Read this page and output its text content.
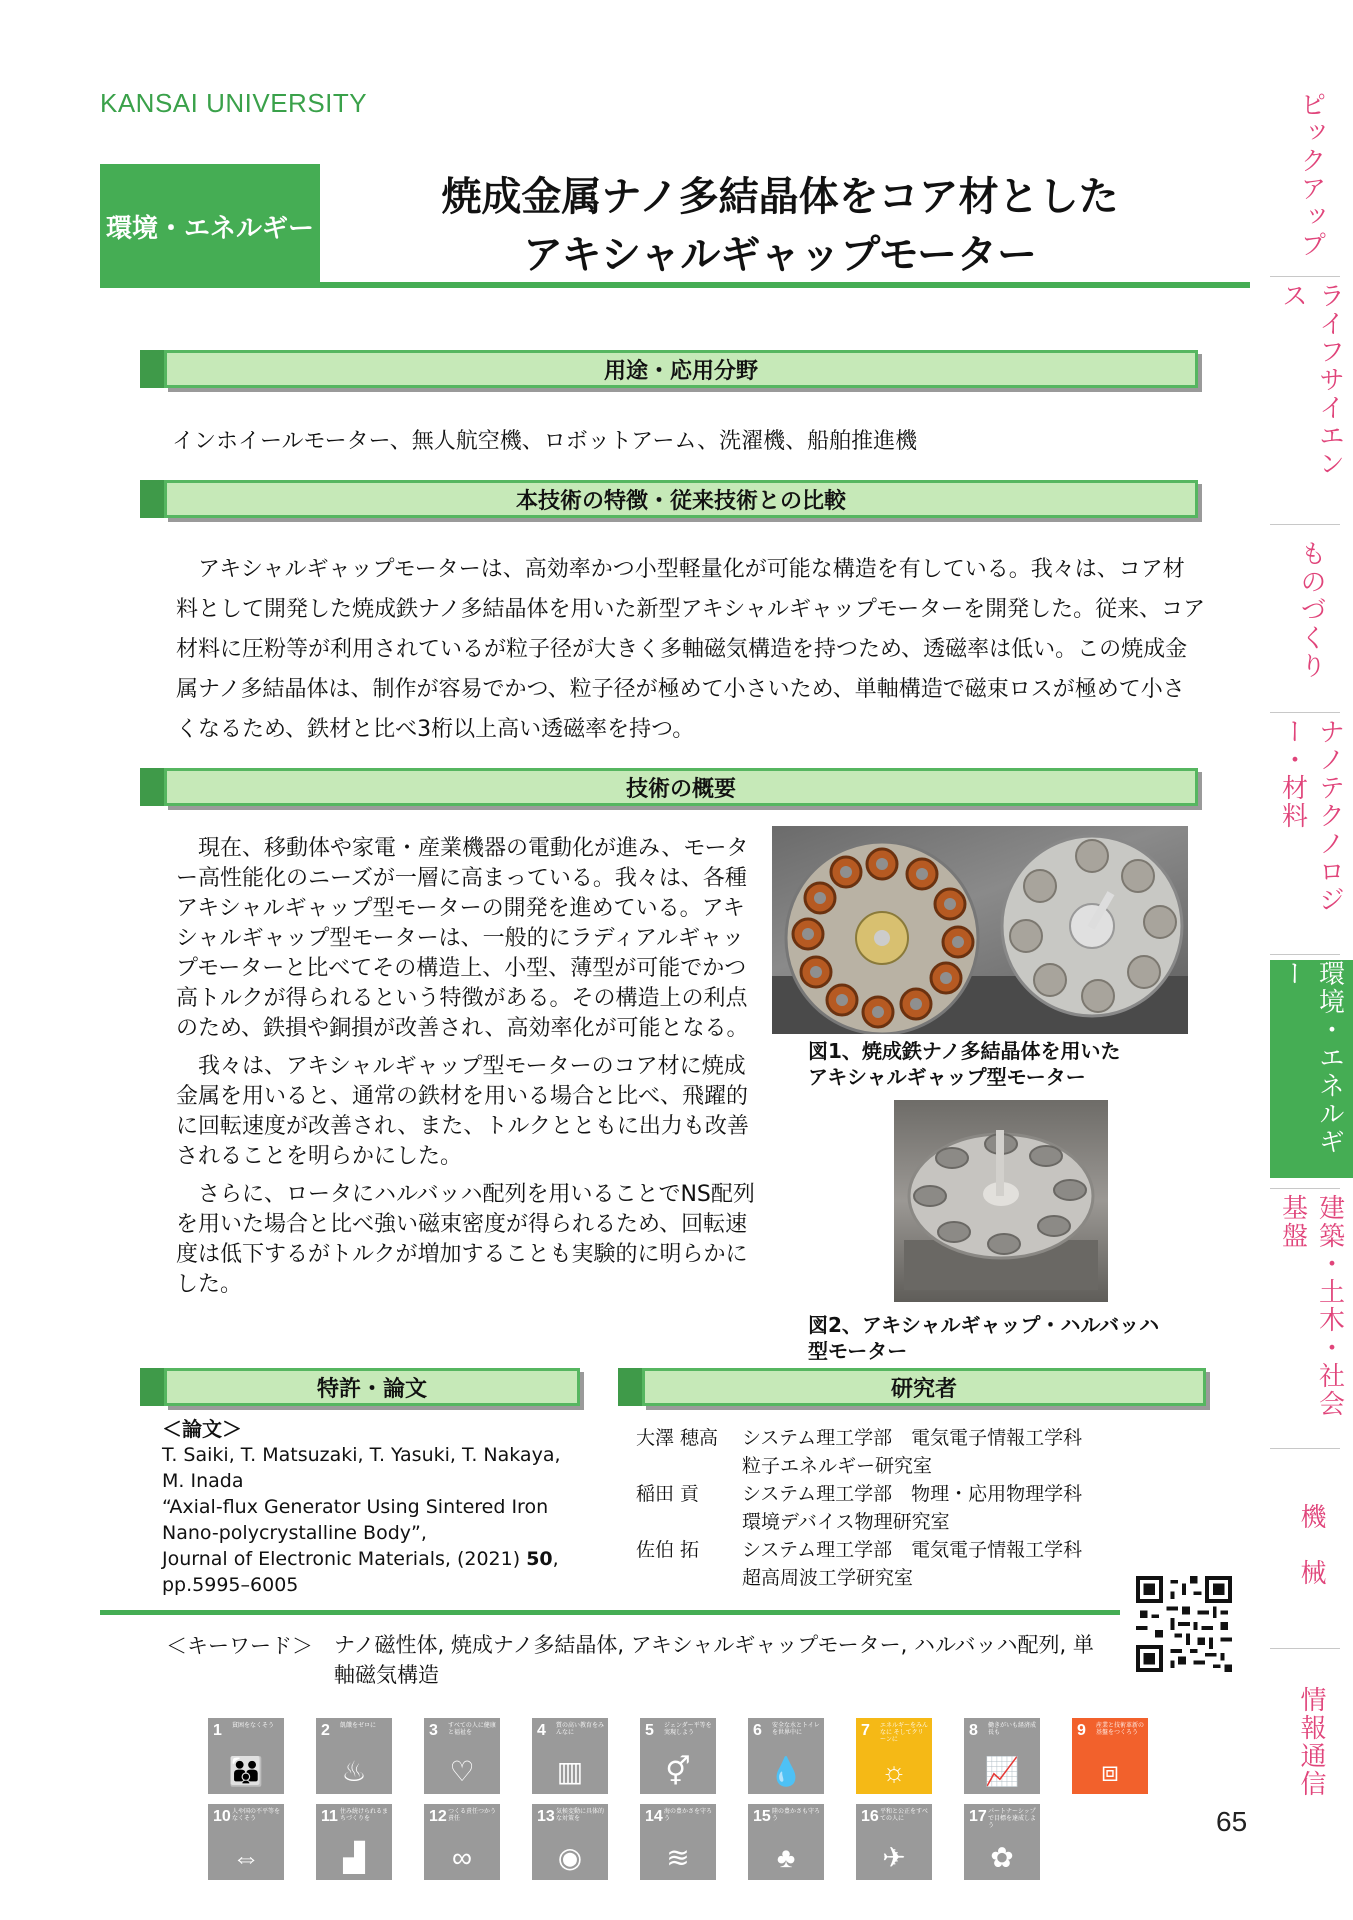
KANSAI UNIVERSITY
環境・エネルギー
焼成金属ナノ多結晶体をコア材とした
アキシャルギャップモーター
用途・応用分野
インホイールモーター、無人航空機、ロボットアーム、洗濯機、船舶推進機
本技術の特徴・従来技術との比較

アキシャルギャップモーターは、高効率かつ小型軽量化が可能な構造を有している。我々は、コア材料として開発した焼成鉄ナノ多結晶体を用いた新型アキシャルギャップモーターを開発した。従来、コア材料に圧粉等が利用されているが粒子径が大きく多軸磁気構造を持つため、透磁率は低い。この焼成金属ナノ多結晶体は、制作が容易でかつ、粒子径が極めて小さいため、単軸構造で磁束ロスが極めて小さくなるため、鉄材と比べ3桁以上高い透磁率を持つ。

技術の概要

現在、移動体や家電・産業機器の電動化が進み、モーター高性能化のニーズが一層に高まっている。我々は、各種アキシャルギャップ型モーターの開発を進めている。アキシャルギャップ型モーターは、一般的にラディアルギャップモーターと比べてその構造上、小型、薄型が可能でかつ高トルクが得られるという特徴がある。その構造上の利点のため、鉄損や銅損が改善され、高効率化が可能となる。

我々は、アキシャルギャップ型モーターのコア材に焼成金属を用いると、通常の鉄材を用いる場合と比べ、飛躍的に回転速度が改善され、また、トルクとともに出力も改善されることを明らかにした。

さらに、ロータにハルバッハ配列を用いることでNS配列を用いた場合と比べ強い磁束密度が得られるため、回転速度は低下するがトルクが増加することも実験的に明らかにした。

図1、焼成鉄ナノ多結晶体を用いた
アキシャルギャップ型モーター
図2、アキシャルギャップ・ハルバッハ
型モーター
特許・論文
＜論文＞
T. Saiki, T. Matsuzaki, T. Yasuki, T. Nakaya, M. Inada
“Axial-flux Generator Using Sintered Iron Nano-polycrystalline Body”,
Journal of Electronic Materials, (2021) 50,
pp.5995–6005
研究者
大澤 穂高	システム理工学部　電気電子情報工学科
粒子エネルギー研究室
稲田 貢	システム理工学部　物理・応用物理学科
環境デバイス物理研究室
佐伯 拓	システム理工学部　電気電子情報工学科
超高周波工学研究室
＜キーワード＞ ナノ磁性体, 焼成ナノ多結晶体, アキシャルギャップモーター, ハルバッハ配列, 単軸磁気構造
1 貧困をなくそう
👪
2 飢餓をゼロに
♨
3 すべての人に健康と福祉を
♡
4 質の高い教育をみんなに
▥
5 ジェンダー平等を実現しよう
⚥
6 安全な水とトイレを世界中に
💧
7 エネルギーをみんなに そしてクリーンに
☼
8 働きがいも経済成長も
📈
9 産業と技術革新の基盤をつくろう
⧈
10 人や国の不平等をなくそう
⇔
11 住み続けられるまちづくりを
▟
12 つくる責任つかう責任
∞
13 気候変動に具体的な対策を
◉
14 海の豊かさを守ろう
≋
15 陸の豊かさも守ろう
♣
16 平和と公正をすべての人に
✈
17 パートナーシップで目標を達成しよう
✿
65
ピックアップ
ライフサイエンス
ものづくり
ナノテクノロジー・材料
環境・エネルギー
建築・土木・社会基盤
機　械
情報通信
